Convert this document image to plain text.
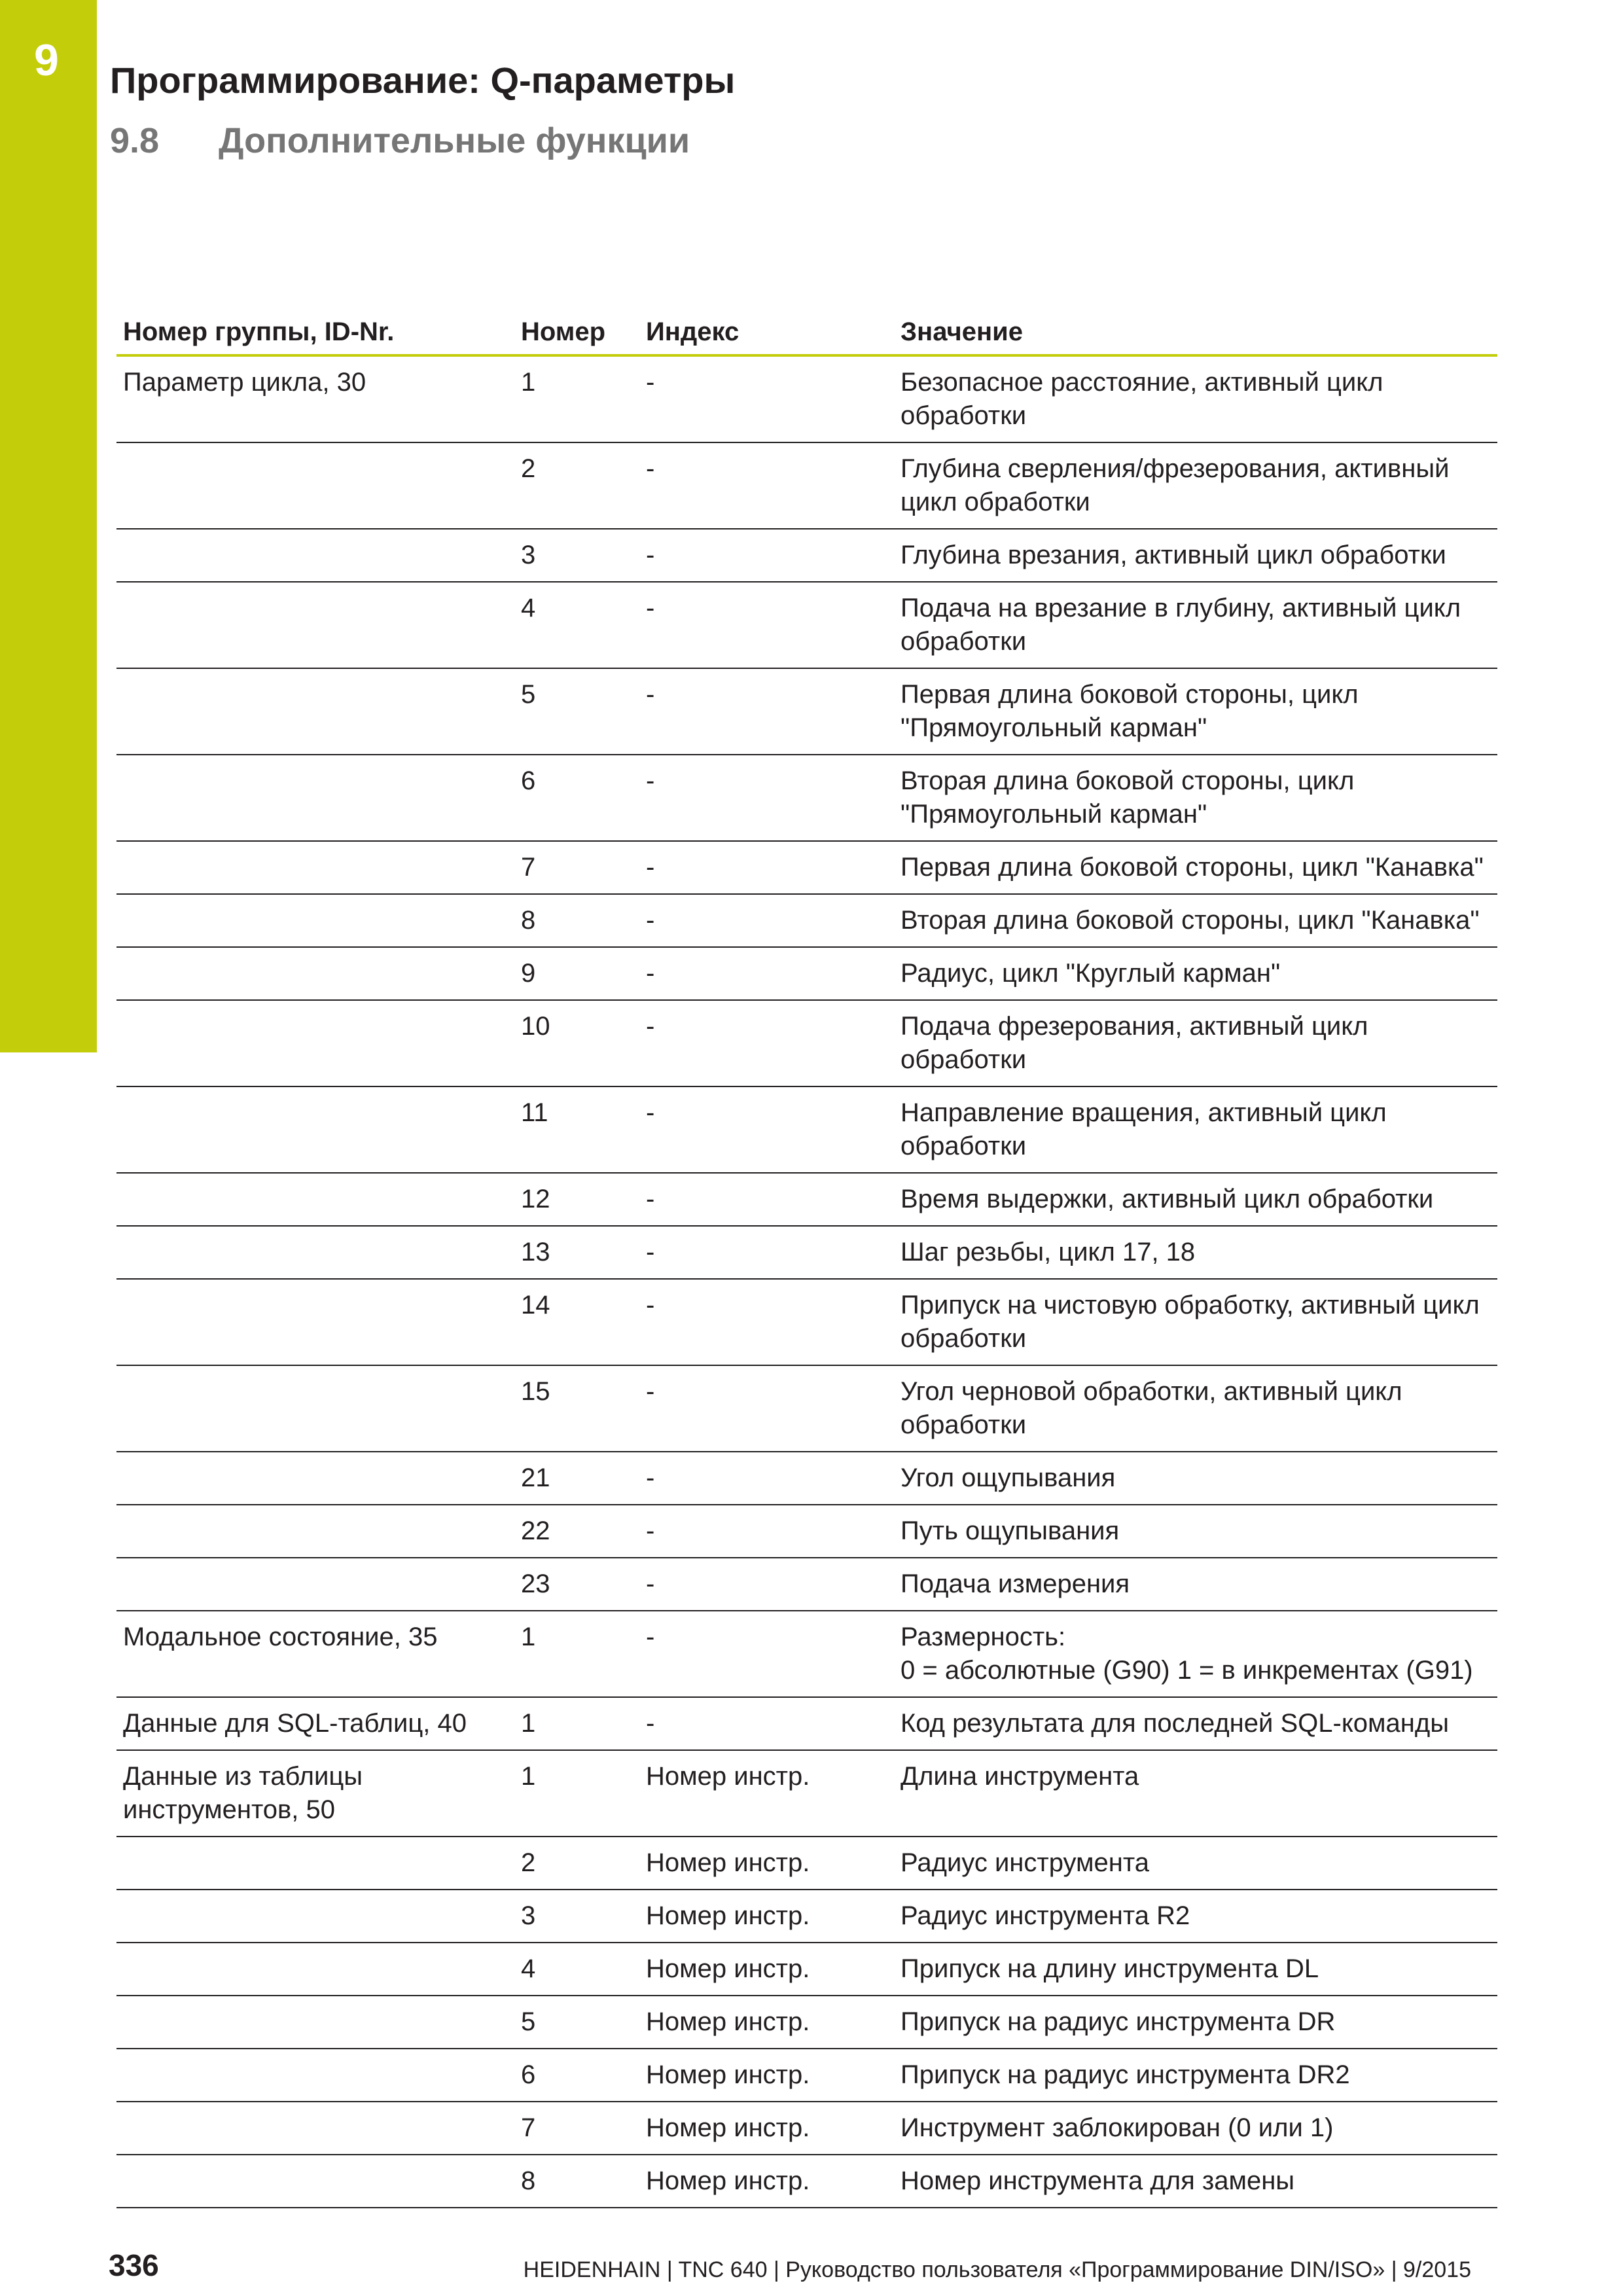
9 Программирование: Q-параметры
9.8 Дополнительные функции
Номер группы, ID-Nr.	Номер	Индекс	Значение
Параметр цикла, 30	1	-	Безопасное расстояние, активный цикл обработки
	2	-	Глубина сверления/фрезерования, активный цикл обработки
	3	-	Глубина врезания, активный цикл обработки
	4	-	Подача на врезание в глубину, активный цикл обработки
	5	-	Первая длина боковой стороны, цикл "Прямоугольный карман"
	6	-	Вторая длина боковой стороны, цикл "Прямоугольный карман"
	7	-	Первая длина боковой стороны, цикл "Канавка"
	8	-	Вторая длина боковой стороны, цикл "Канавка"
	9	-	Радиус, цикл "Круглый карман"
	10	-	Подача фрезерования, активный цикл обработки
	11	-	Направление вращения, активный цикл обработки
	12	-	Время выдержки, активный цикл обработки
	13	-	Шаг резьбы, цикл 17, 18
	14	-	Припуск на чистовую обработку, активный цикл обработки
	15	-	Угол черновой обработки, активный цикл обработки
	21	-	Угол ощупывания
	22	-	Путь ощупывания
	23	-	Подача измерения
Модальное состояние, 35	1	-	Размерность:
0 = абсолютные (G90) 1 = в инкрементах (G91)
Данные для SQL-таблиц, 40	1	-	Код результата для последней SQL-команды
Данные из таблицы инструментов, 50	1	Номер инстр.	Длина инструмента
	2	Номер инстр.	Радиус инструмента
	3	Номер инстр.	Радиус инструмента R2
	4	Номер инстр.	Припуск на длину инструмента DL
	5	Номер инстр.	Припуск на радиус инструмента DR
	6	Номер инстр.	Припуск на радиус инструмента DR2
	7	Номер инстр.	Инструмент заблокирован (0 или 1)
	8	Номер инстр.	Номер инструмента для замены
336	HEIDENHAIN | TNC 640 | Руководство пользователя «Программирование DIN/ISO» | 9/2015
